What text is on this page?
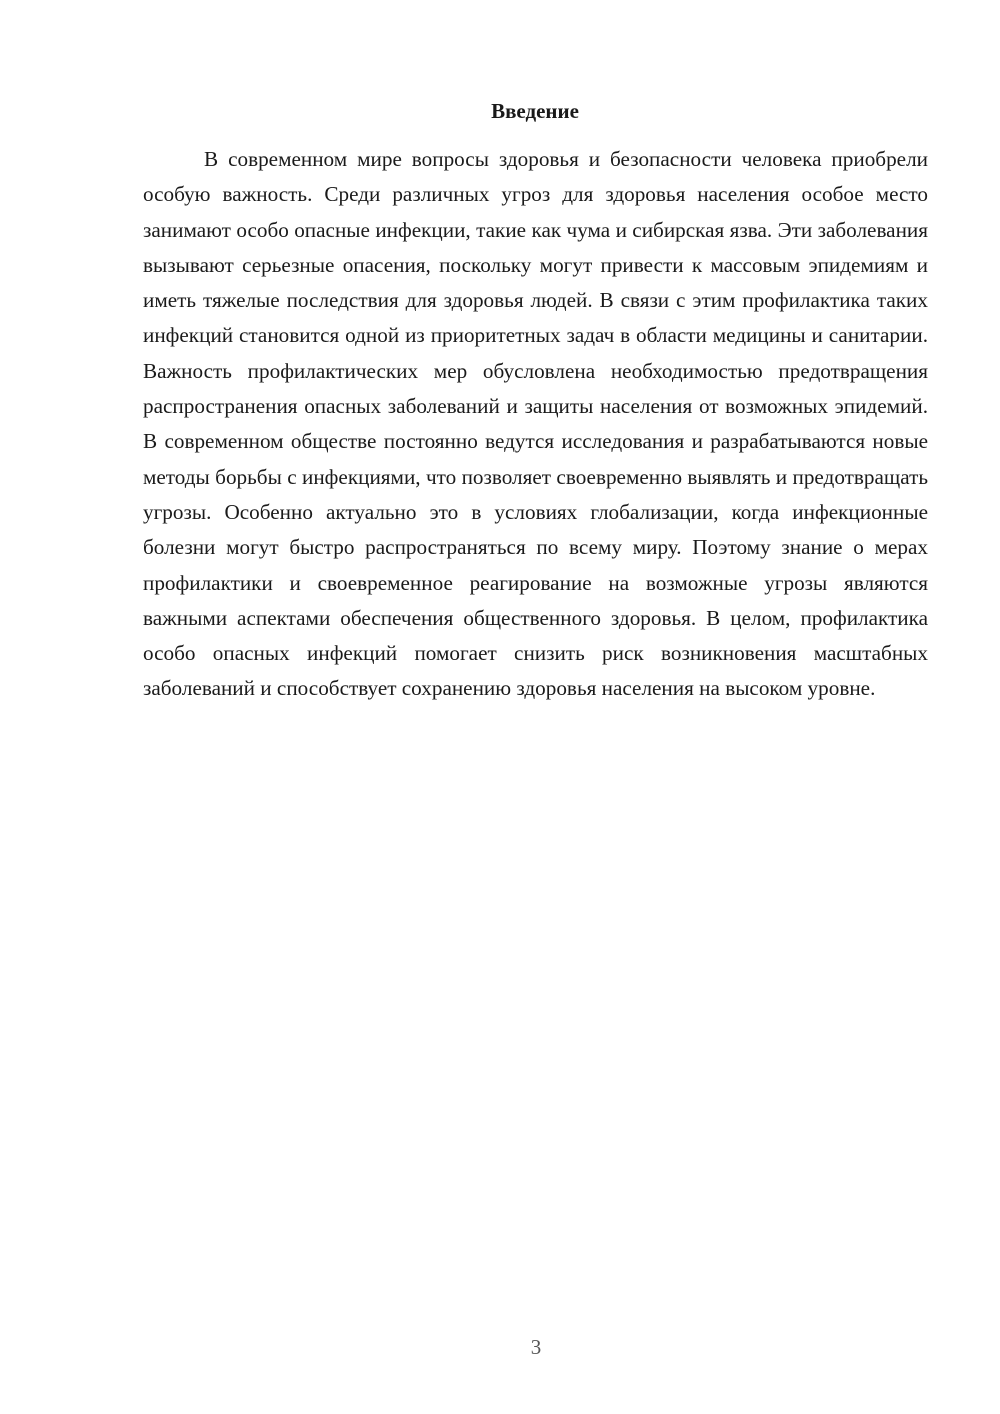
Введение

В современном мире вопросы здоровья и безопасности человека приобрели особую важность. Среди различных угроз для здоровья населения особое место занимают особо опасные инфекции, такие как чума и сибирская язва. Эти заболевания вызывают серьезные опасения, поскольку могут привести к массовым эпидемиям и иметь тяжелые последствия для здоровья людей. В связи с этим профилактика таких инфекций становится одной из приоритетных задач в области медицины и санитарии. Важность профилактических мер обусловлена необходимостью предотвращения распространения опасных заболеваний и защиты населения от возможных эпидемий. В современном обществе постоянно ведутся исследования и разрабатываются новые методы борьбы с инфекциями, что позволяет своевременно выявлять и предотвращать угрозы. Особенно актуально это в условиях глобализации, когда инфекционные болезни могут быстро распространяться по всему миру. Поэтому знание о мерах профилактики и своевременное реагирование на возможные угрозы являются важными аспектами обеспечения общественного здоровья. В целом, профилактика особо опасных инфекций помогает снизить риск возникновения масштабных заболеваний и способствует сохранению здоровья населения на высоком уровне.

3
